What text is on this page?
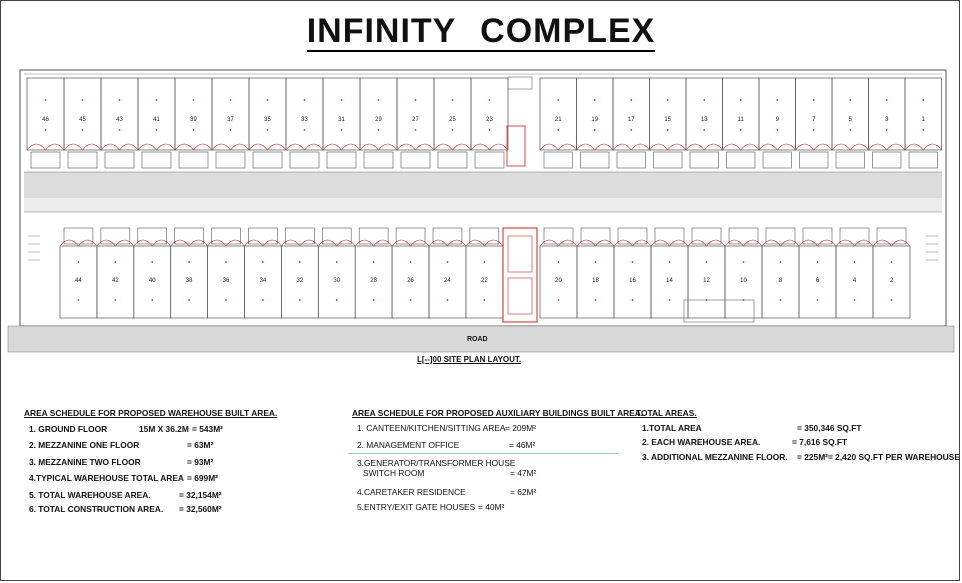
INFINITY COMPLEX
46	45	43	41	39	37	35	33	31	29	27	25	23	21	19	17	15	13	11	9	7	5	3	1
44	42	40	38	36	34	32	30	28	26	24	22	20	18	16	14	12	10	8	6	4	2
ROAD
L[--]00 SITE PLAN LAYOUT.
AREA SCHEDULE FOR PROPOSED WAREHOUSE BUILT AREA.
1. GROUND FLOOR	15M X 36.2M = 543M²
2. MEZZANINE ONE FLOOR	= 63M²
3. MEZZANINE TWO FLOOR	= 93M²
4.TYPICAL WAREHOUSE TOTAL AREA = 699M²
5. TOTAL WAREHOUSE AREA.	= 32,154M²
6. TOTAL CONSTRUCTION AREA. = 32,560M²
AREA SCHEDULE FOR PROPOSED AUXILIARY BUILDINGS BUILT AREA.
1. CANTEEN/KITCHEN/SITTING AREA = 209M²
2. MANAGEMENT OFFICE	= 46M²
3.GENERATOR/TRANSFORMER HOUSE
SWITCH ROOM	= 47M²
4.CARETAKER RESIDENCE	= 62M²
5.ENTRY/EXIT GATE HOUSES = 40M²
TOTAL AREAS.
1.TOTAL AREA	= 350,346 SQ.FT
2. EACH WAREHOUSE AREA.	= 7,616 SQ.FT
3. ADDITIONAL MEZZANINE FLOOR. = 225M²= 2,420 SQ.FT PER WAREHOUSE
